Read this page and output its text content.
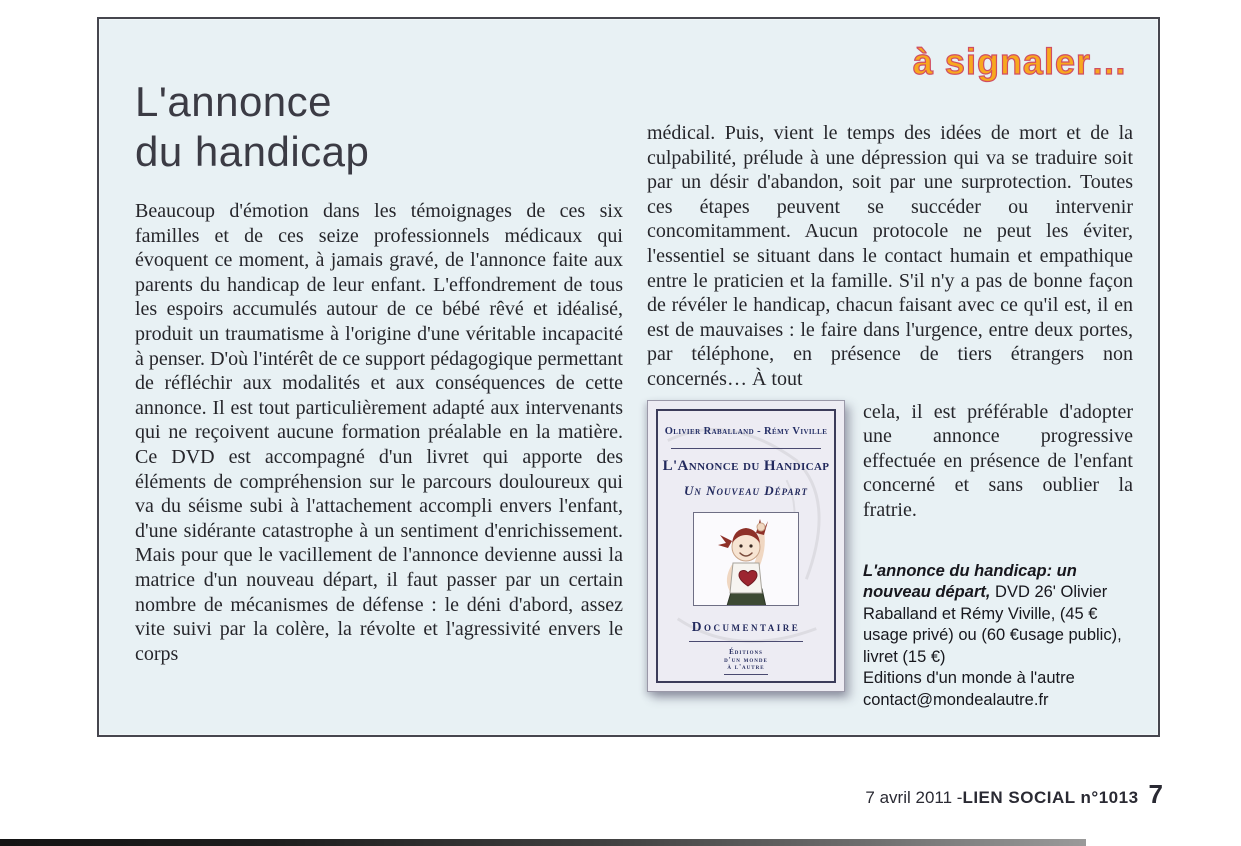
à signaler…
L'annonce
du handicap

Beaucoup d'émotion dans les témoignages de ces six familles et de ces seize professionnels médicaux qui évoquent ce moment, à jamais gravé, de l'annonce faite aux parents du handicap de leur enfant. L'effondrement de tous les espoirs accumulés autour de ce bébé rêvé et idéalisé, produit un traumatisme à l'origine d'une véritable incapacité à penser. D'où l'intérêt de ce support pédagogique permettant de réfléchir aux modalités et aux conséquences de cette annonce. Il est tout particulièrement adapté aux intervenants qui ne reçoivent aucune formation préalable en la matière. Ce DVD est accompagné d'un livret qui apporte des éléments de compréhension sur le parcours douloureux qui va du séisme subi à l'attachement accompli envers l'enfant, d'une sidérante catastrophe à un sentiment d'enrichissement. Mais pour que le vacillement de l'annonce devienne aussi la matrice d'un nouveau départ, il faut passer par un certain nombre de mécanismes de défense : le déni d'abord, assez vite suivi par la colère, la révolte et l'agressivité envers le corps

médical. Puis, vient le temps des idées de mort et de la culpabilité, prélude à une dépression qui va se traduire soit par un désir d'abandon, soit par une surprotection. Toutes ces étapes peuvent se succéder ou intervenir concomitamment. Aucun protocole ne peut les éviter, l'essentiel se situant dans le contact humain et empathique entre le praticien et la famille. S'il n'y a pas de bonne façon de révéler le handicap, chacun faisant avec ce qu'il est, il en est de mauvaises : le faire dans l'urgence, entre deux portes, par téléphone, en présence de tiers étrangers non concernés… À tout

Olivier Raballand - Rémy Viville
L'Annonce du Handicap
Un Nouveau Départ
Documentaire
Éditions
d'un monde
à l'autre

cela, il est préférable d'adopter une annonce progressive effectuée en présence de l'enfant concerné et sans oublier la fratrie.

L'annonce du handicap: un nouveau départ, DVD 26' Olivier Raballand et Rémy Viville, (45 € usage privé) ou (60 €usage public), livret (15 €)

Editions d'un monde à l'autre

contact@mondealautre.fr

7 avril 2011 - LIEN SOCIAL n°1013 7
